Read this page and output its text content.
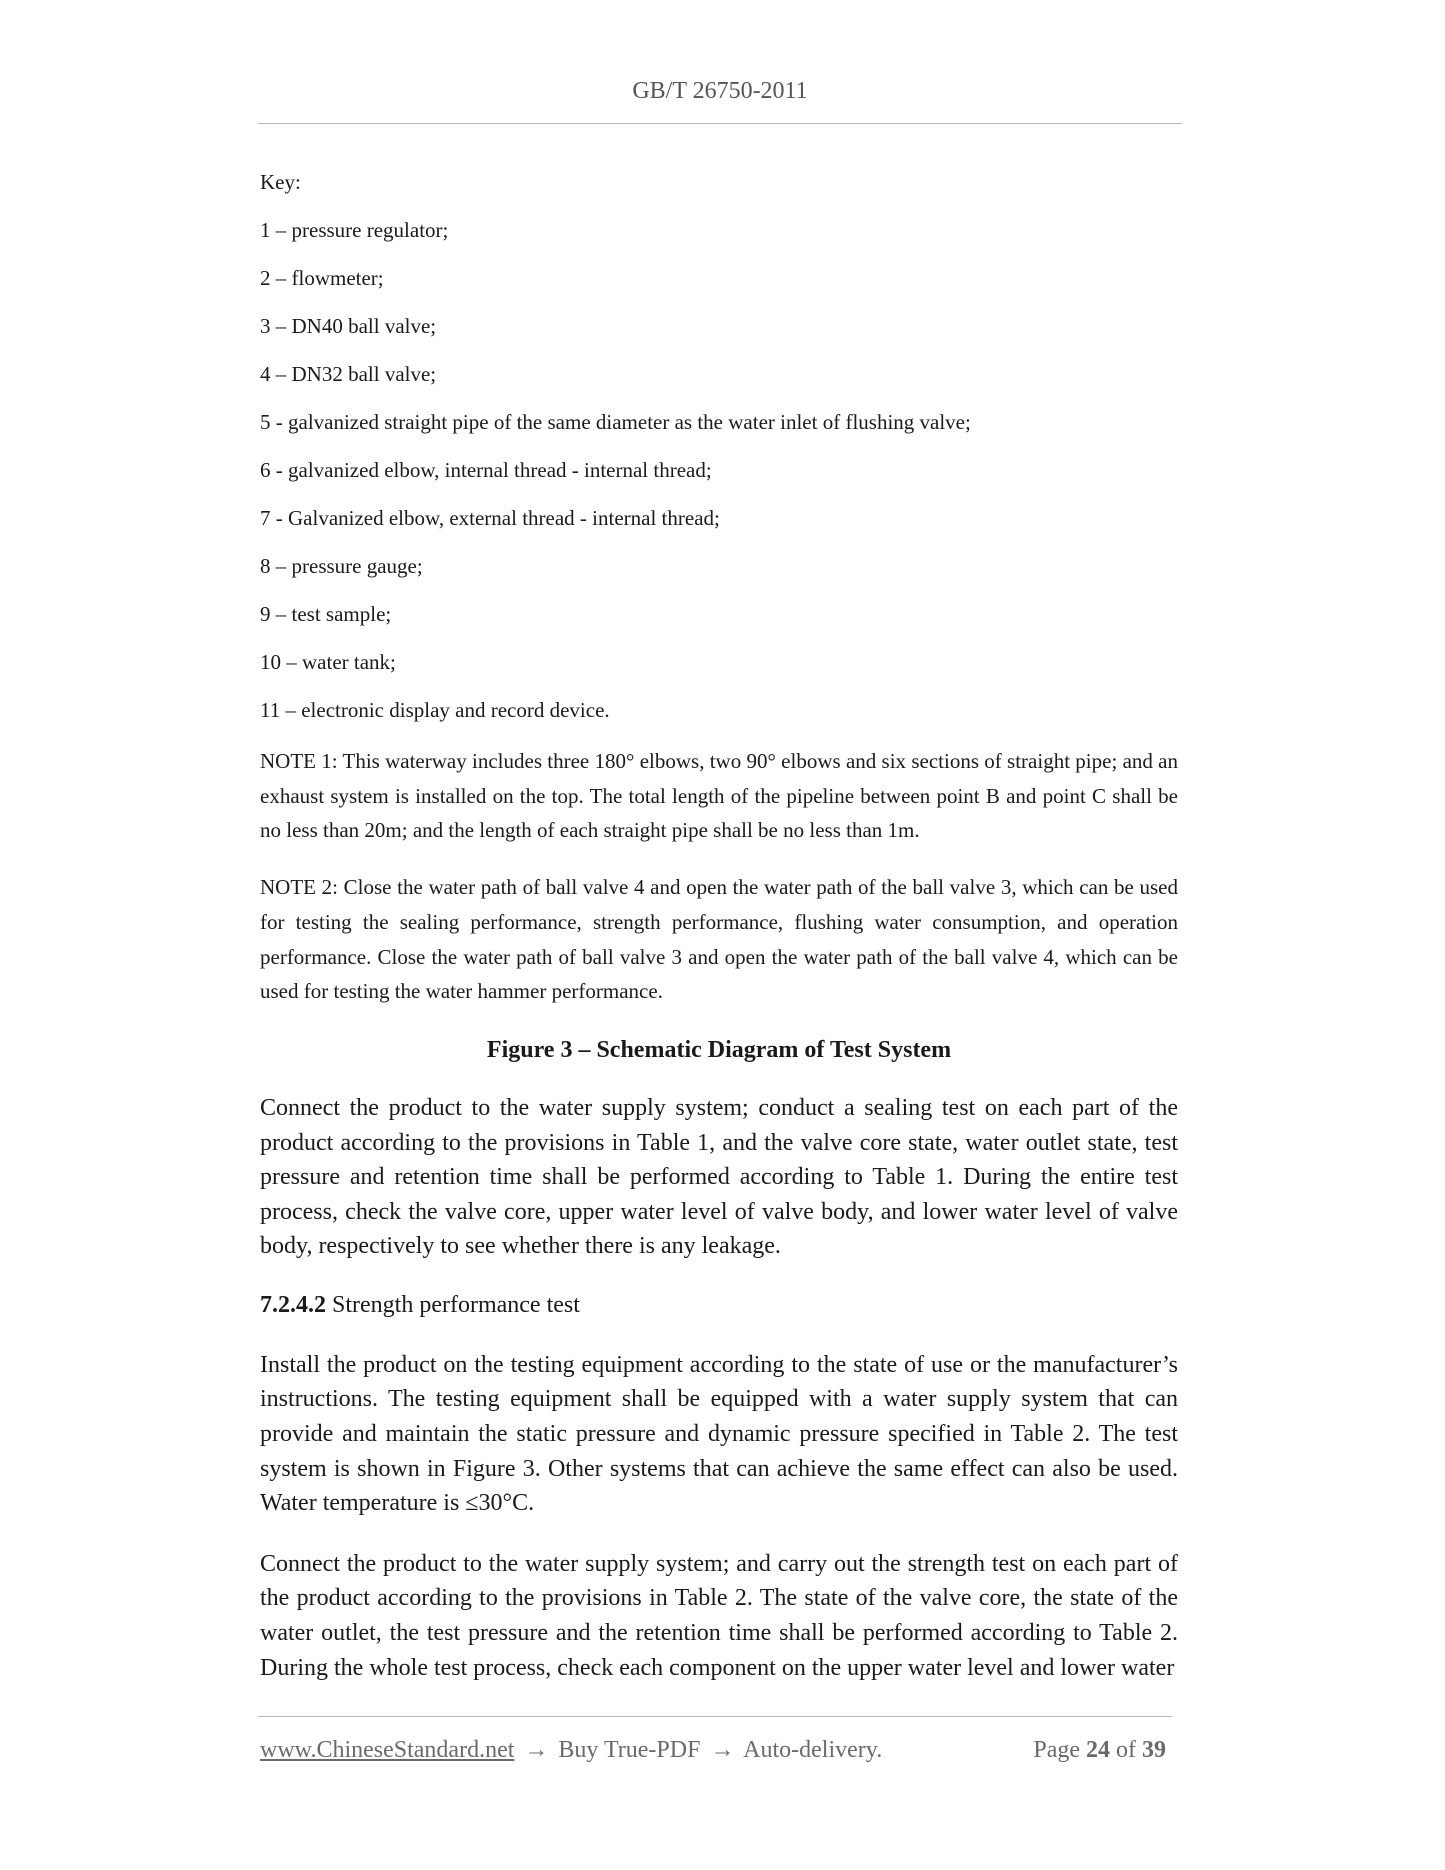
GB/T 26750-2011
Key:
1 – pressure regulator;
2 – flowmeter;
3 – DN40 ball valve;
4 – DN32 ball valve;
5 - galvanized straight pipe of the same diameter as the water inlet of flushing valve;
6 - galvanized elbow, internal thread - internal thread;
7 - Galvanized elbow, external thread - internal thread;
8 – pressure gauge;
9 – test sample;
10 – water tank;
11 – electronic display and record device.

NOTE 1: This waterway includes three 180° elbows, two 90° elbows and six sections of straight pipe; and an exhaust system is installed on the top. The total length of the pipeline between point B and point C shall be no less than 20m; and the length of each straight pipe shall be no less than 1m.

NOTE 2: Close the water path of ball valve 4 and open the water path of the ball valve 3, which can be used for testing the sealing performance, strength performance, flushing water consumption, and operation performance. Close the water path of ball valve 3 and open the water path of the ball valve 4, which can be used for testing the water hammer performance.

Figure 3 – Schematic Diagram of Test System

Connect the product to the water supply system; conduct a sealing test on each part of the product according to the provisions in Table 1, and the valve core state, water outlet state, test pressure and retention time shall be performed according to Table 1. During the entire test process, check the valve core, upper water level of valve body, and lower water level of valve body, respectively to see whether there is any leakage.

7.2.4.2 Strength performance test

Install the product on the testing equipment according to the state of use or the manufacturer’s instructions. The testing equipment shall be equipped with a water supply system that can provide and maintain the static pressure and dynamic pressure specified in Table 2. The test system is shown in Figure 3. Other systems that can achieve the same effect can also be used. Water temperature is ≤30°C.

Connect the product to the water supply system; and carry out the strength test on each part of the product according to the provisions in Table 2. The state of the valve core, the state of the water outlet, the test pressure and the retention time shall be performed according to Table 2. During the whole test process, check each component on the upper water level and lower water

www.ChineseStandard.net → Buy True-PDF → Auto-delivery.	Page 24 of 39
